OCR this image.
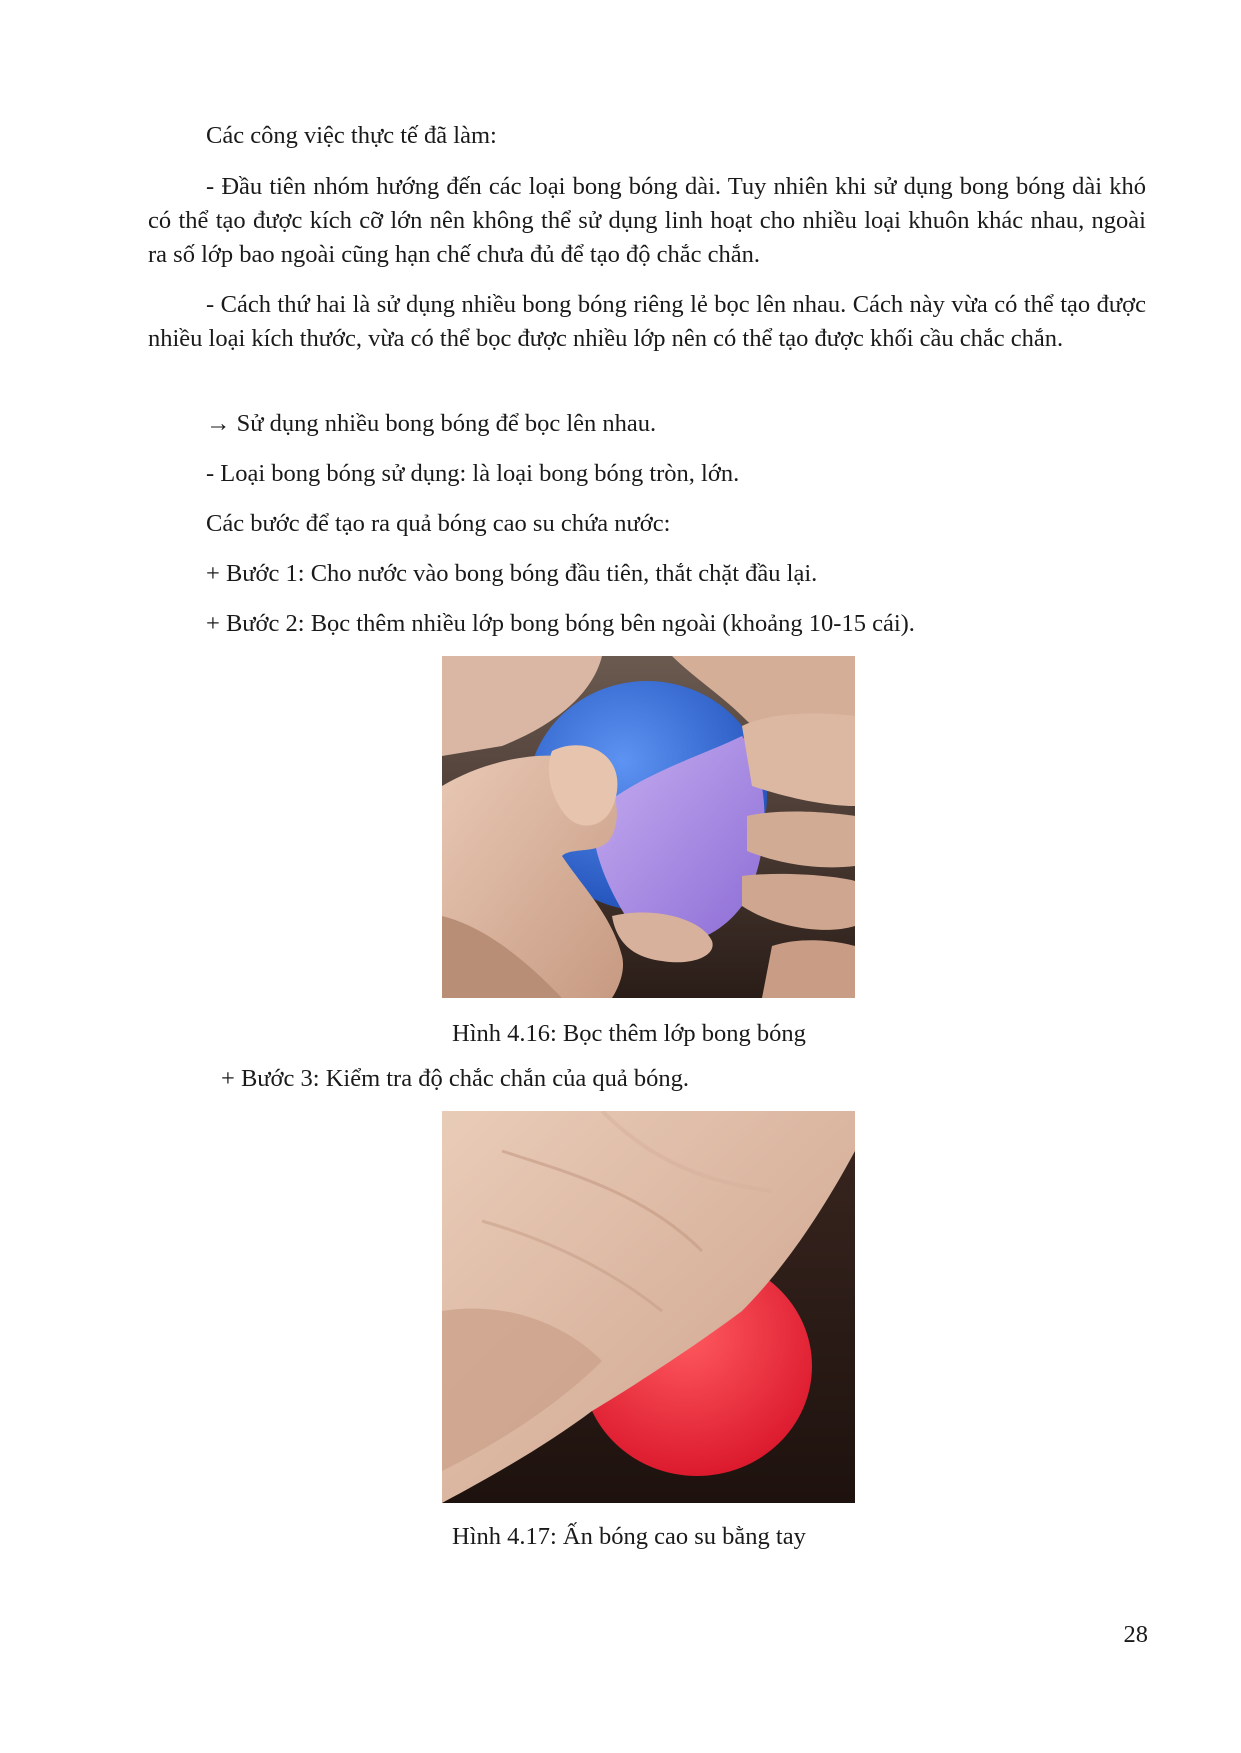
Các công việc thực tế đã làm:
- Đầu tiên nhóm hướng đến các loại bong bóng dài. Tuy nhiên khi sử dụng bong bóng dài khó có thể tạo được kích cỡ lớn nên không thể sử dụng linh hoạt cho nhiều loại khuôn khác nhau, ngoài ra số lớp bao ngoài cũng hạn chế chưa đủ để tạo độ chắc chắn.
- Cách thứ hai là sử dụng nhiều bong bóng riêng lẻ bọc lên nhau. Cách này vừa có thể tạo được nhiều loại kích thước, vừa có thể bọc được nhiều lớp nên có thể tạo được khối cầu chắc chắn.
→ Sử dụng nhiều bong bóng để bọc lên nhau.
- Loại bong bóng sử dụng: là loại bong bóng tròn, lớn.
Các bước để tạo ra quả bóng cao su chứa nước:
+ Bước 1: Cho nước vào bong bóng đầu tiên, thắt chặt đầu lại.
+ Bước 2: Bọc thêm nhiều lớp bong bóng bên ngoài (khoảng 10-15 cái).
Hình 4.16: Bọc thêm lớp bong bóng
+ Bước 3: Kiểm tra độ chắc chắn của quả bóng.
Hình 4.17: Ấn bóng cao su bằng tay
28
